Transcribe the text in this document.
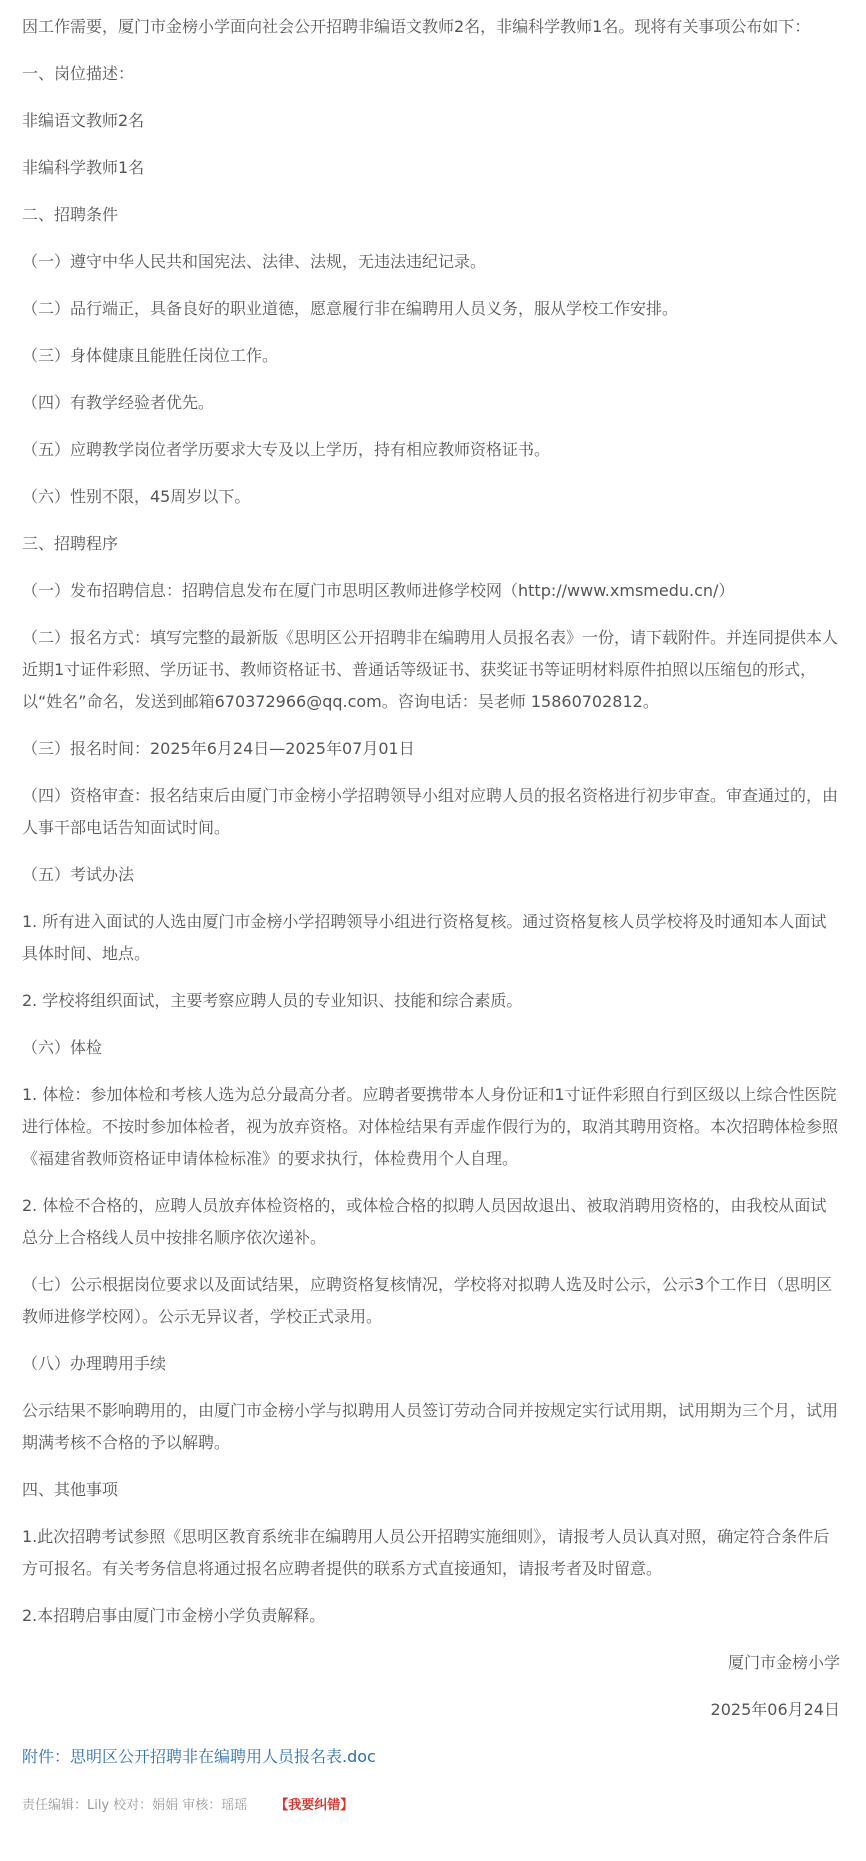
因工作需要，厦门市金榜小学面向社会公开招聘非编语文教师2名，非编科学教师1名。现将有关事项公布如下：

一、岗位描述：

非编语文教师2名

非编科学教师1名

二、招聘条件

（一）遵守中华人民共和国宪法、法律、法规，无违法违纪记录。

（二）品行端正，具备良好的职业道德，愿意履行非在编聘用人员义务，服从学校工作安排。

（三）身体健康且能胜任岗位工作。

（四）有教学经验者优先。

（五）应聘教学岗位者学历要求大专及以上学历，持有相应教师资格证书。

（六）性别不限，45周岁以下。

三、招聘程序

（一）发布招聘信息：招聘信息发布在厦门市思明区教师进修学校网（http://www.xmsmedu.cn/）

（二）报名方式：填写完整的最新版《思明区公开招聘非在编聘用人员报名表》一份，请下载附件。并连同提供本人近期1寸证件彩照、学历证书、教师资格证书、普通话等级证书、获奖证书等证明材料原件拍照以压缩包的形式，以“姓名”命名，发送到邮箱670372966@qq.com。咨询电话：吴老师 15860702812。

（三）报名时间：2025年6月24日—2025年07月01日

（四）资格审查：报名结束后由厦门市金榜小学招聘领导小组对应聘人员的报名资格进行初步审查。审查通过的，由人事干部电话告知面试时间。

（五）考试办法

1. 所有进入面试的人选由厦门市金榜小学招聘领导小组进行资格复核。通过资格复核人员学校将及时通知本人面试具体时间、地点。

2. 学校将组织面试，主要考察应聘人员的专业知识、技能和综合素质。

（六）体检

1. 体检：参加体检和考核人选为总分最高分者。应聘者要携带本人身份证和1寸证件彩照自行到区级以上综合性医院进行体检。不按时参加体检者，视为放弃资格。对体检结果有弄虚作假行为的，取消其聘用资格。本次招聘体检参照《福建省教师资格证申请体检标准》的要求执行，体检费用个人自理。

2. 体检不合格的，应聘人员放弃体检资格的，或体检合格的拟聘人员因故退出、被取消聘用资格的，由我校从面试总分上合格线人员中按排名顺序依次递补。

（七）公示根据岗位要求以及面试结果，应聘资格复核情况，学校将对拟聘人选及时公示，公示3个工作日（思明区教师进修学校网）。公示无异议者，学校正式录用。

（八）办理聘用手续

公示结果不影响聘用的，由厦门市金榜小学与拟聘用人员签订劳动合同并按规定实行试用期，试用期为三个月，试用期满考核不合格的予以解聘。

四、其他事项

1.此次招聘考试参照《思明区教育系统非在编聘用人员公开招聘实施细则》，请报考人员认真对照，确定符合条件后方可报名。有关考务信息将通过报名应聘者提供的联系方式直接通知，请报考者及时留意。

2.本招聘启事由厦门市金榜小学负责解释。

厦门市金榜小学

2025年06月24日

附件：思明区公开招聘非在编聘用人员报名表.doc
责任编辑：Lily 校对：娟娟 审核：瑶瑶 【我要纠错】
